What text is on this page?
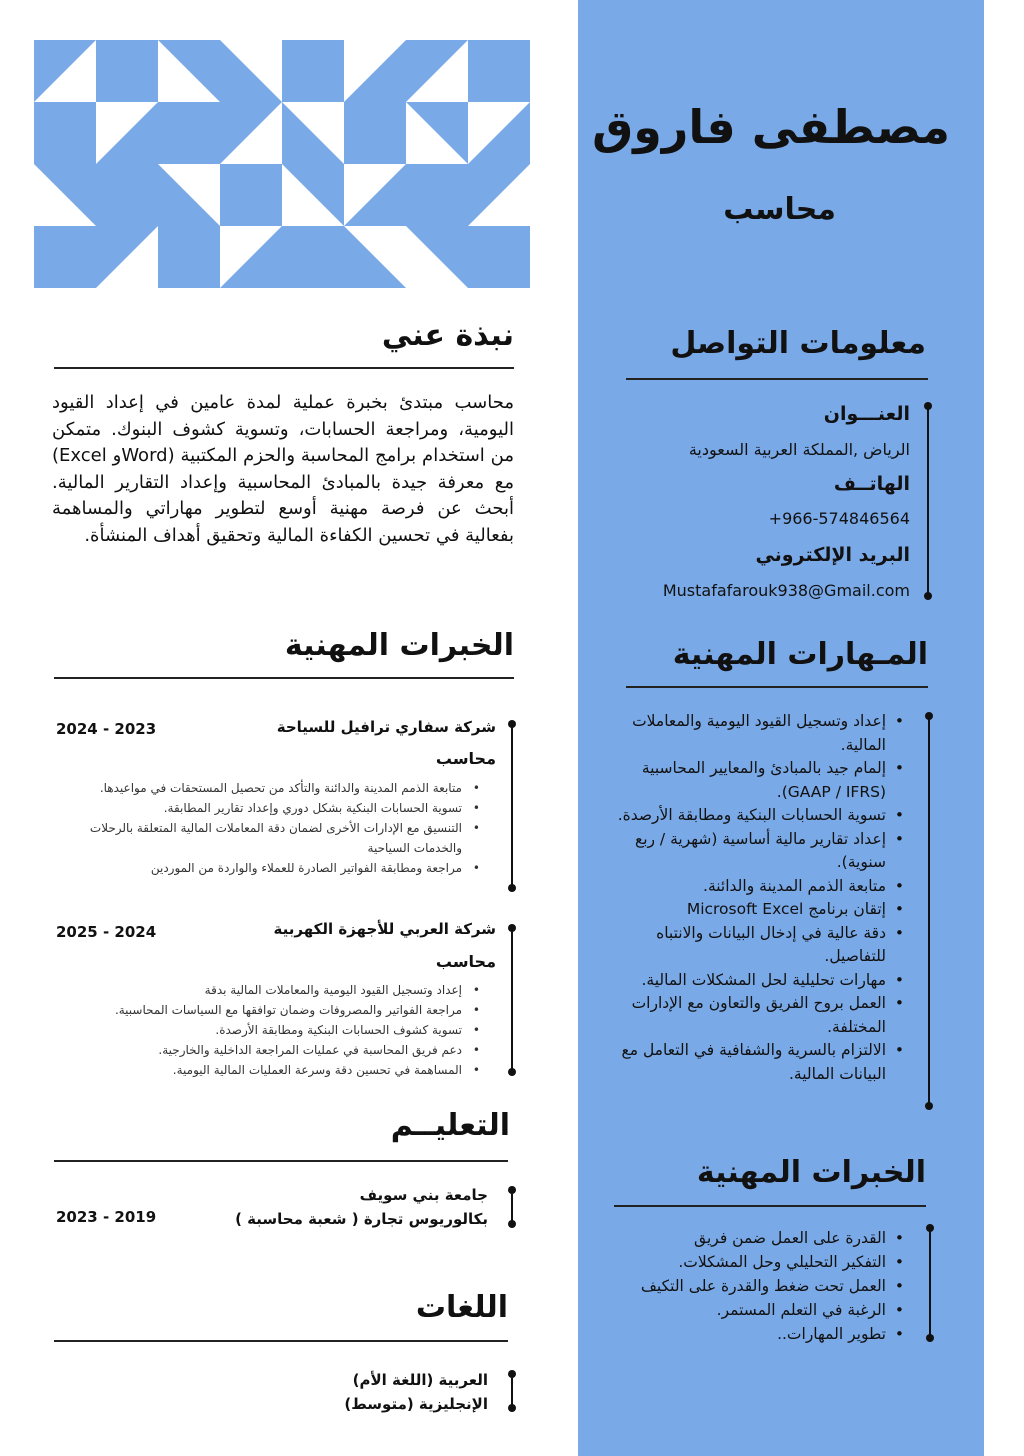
مصطفى فاروق
محاسب
معلومات التواصل
العنـــوان
الرياض ,المملكة العربية السعودية
الهاتــف
+966-574846564
البريد الإلكتروني
Mustafafarouk938@Gmail.com
المـهارات المهنية
• إعداد وتسجيل القيود اليومية والمعاملات المالية.
• إلمام جيد بالمبادئ والمعايير المحاسبية (GAAP / IFRS).
• تسوية الحسابات البنكية ومطابقة الأرصدة.
• إعداد تقارير مالية أساسية (شهرية / ربع سنوية).
• متابعة الذمم المدينة والدائنة.
• إتقان برنامج Microsoft Excel
• دقة عالية في إدخال البيانات والانتباه للتفاصيل.
• مهارات تحليلية لحل المشكلات المالية.
• العمل بروح الفريق والتعاون مع الإدارات المختلفة.
• الالتزام بالسرية والشفافية في التعامل مع البيانات المالية.
الخبرات المهنية
• القدرة على العمل ضمن فريق
• التفكير التحليلي وحل المشكلات.
• العمل تحت ضغط والقدرة على التكيف
• الرغبة في التعلم المستمر.
• تطوير المهارات..
نبذة عني
محاسب مبتدئ بخبرة عملية لمدة عامين في إعداد القيود اليومية، ومراجعة الحسابات، وتسوية كشوف البنوك. متمكن من استخدام برامج المحاسبة والحزم المكتبية (Wordو Excel) مع معرفة جيدة بالمبادئ المحاسبية وإعداد التقارير المالية. أبحث عن فرصة مهنية أوسع لتطوير مهاراتي والمساهمة بفعالية في تحسين الكفاءة المالية وتحقيق أهداف المنشأة.
الخبرات المهنية
شركة سفاري ترافيل للسياحة
2024 - 2023
محاسب
• متابعة الذمم المدينة والدائنة والتأكد من تحصيل المستحقات في مواعيدها.
• تسوية الحسابات البنكية بشكل دوري وإعداد تقارير المطابقة.
• التنسيق مع الإدارات الأخرى لضمان دقة المعاملات المالية المتعلقة بالرحلات والخدمات السياحية
• مراجعة ومطابقة الفواتير الصادرة للعملاء والواردة من الموردين
شركة العربي للأجهزة الكهربية
2025 - 2024
محاسب
• إعداد وتسجيل القيود اليومية والمعاملات المالية بدقة
• مراجعة الفواتير والمصروفات وضمان توافقها مع السياسات المحاسبية.
• تسوية كشوف الحسابات البنكية ومطابقة الأرصدة.
• دعم فريق المحاسبة في عمليات المراجعة الداخلية والخارجية.
• المساهمة في تحسين دقة وسرعة العمليات المالية اليومية.
التعليــم
جامعة بني سويف
بكالوريوس تجارة ( شعبة محاسبة )
2023 - 2019
اللغات
العربية (اللغة الأم)
الإنجليزية (متوسط)
